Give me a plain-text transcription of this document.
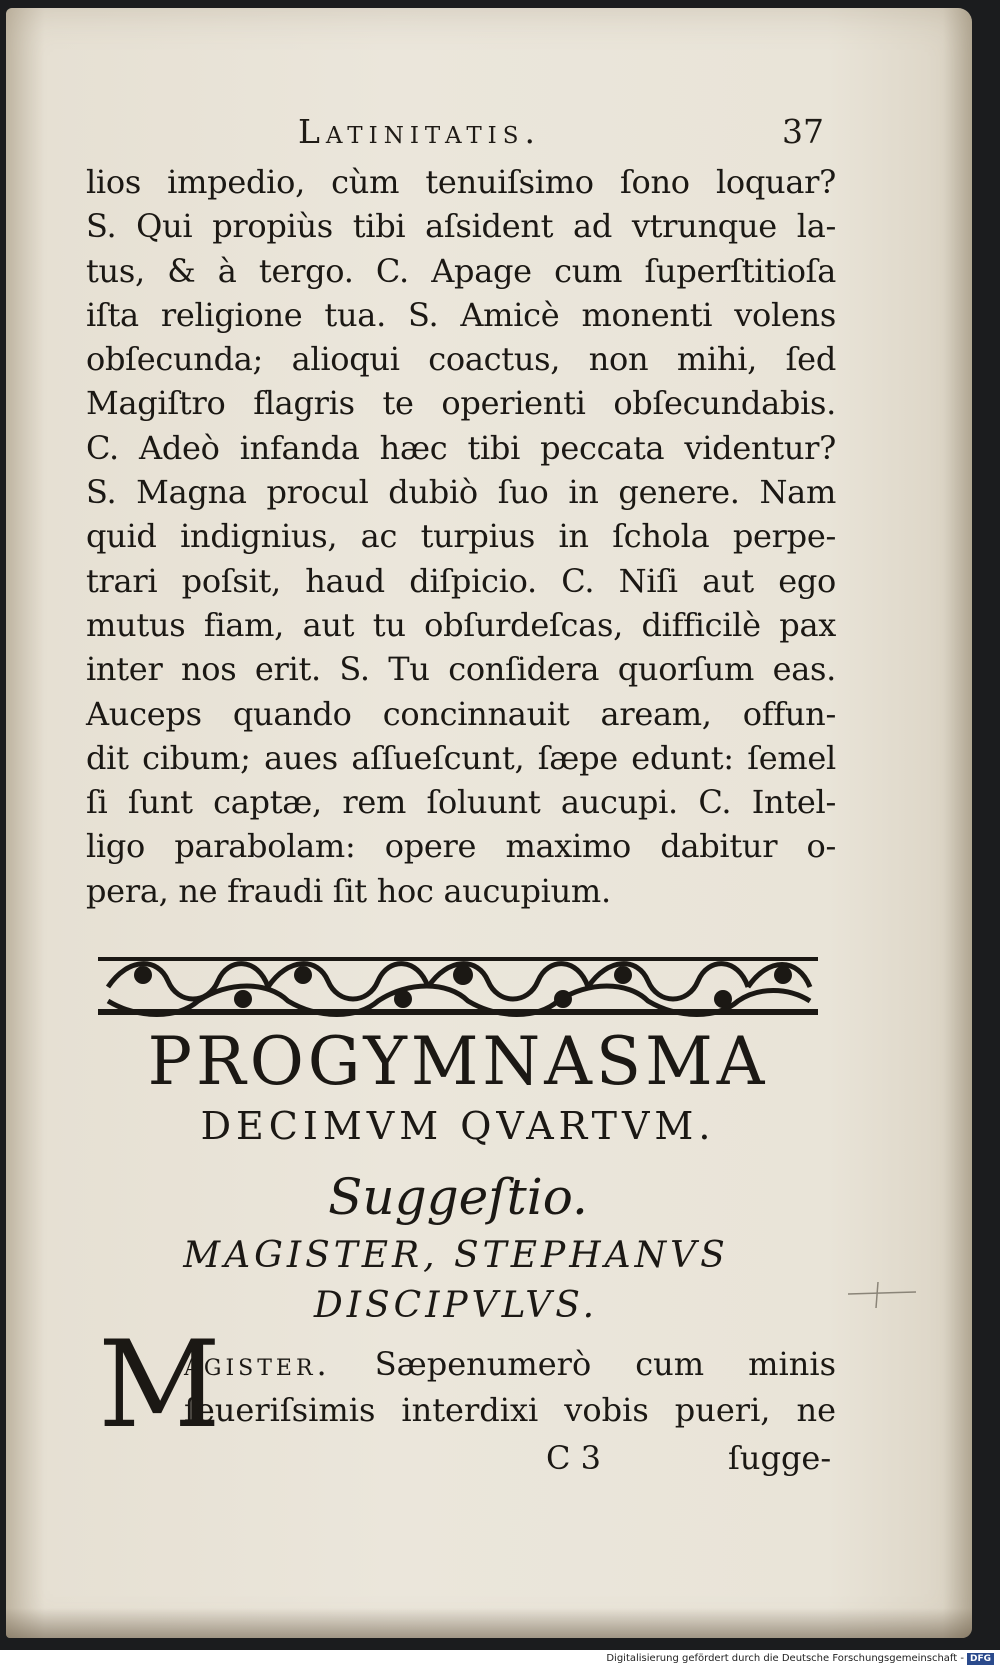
Latinitatis.	37
lios impedio, cùm tenuiſsimo ſono loquar?
S. Qui propiùs tibi aſsident ad vtrunque la-
tus, & à tergo. C. Apage cum ſuperſtitioſa
iſta religione tua. S. Amicè monenti volens
obſecunda; alioqui coactus, non mihi, ſed
Magiſtro flagris te operienti obſecundabis.
C. Adeò infanda hæc tibi peccata videntur?
S. Magna procul dubiò ſuo in genere. Nam
quid indignius, ac turpius in ſchola perpe-
trari poſsit, haud diſpicio. C. Niſi aut ego
mutus fiam, aut tu obſurdeſcas, difficilè pax
inter nos erit. S. Tu conſidera quorſum eas.
Auceps quando concinnauit aream, offun-
dit cibum; aues aſſueſcunt, ſæpe edunt: ſemel
ſi ſunt captæ, rem ſoluunt aucupi. C. Intel-
ligo parabolam: opere maximo dabitur o-
pera, ne fraudi ſit hoc aucupium.
PROGYMNASMA
DECIMVM QVARTVM.
Suggeſtio.
MAGISTER, STEPHANVS
DISCIPVLVS.
M
agister. Sæpenumerò cum minis
ſeueriſsimis interdixi vobis pueri, ne
C 3	ſugge-
Digitalisierung gefördert durch die Deutsche Forschungsgemeinschaft - DFG
